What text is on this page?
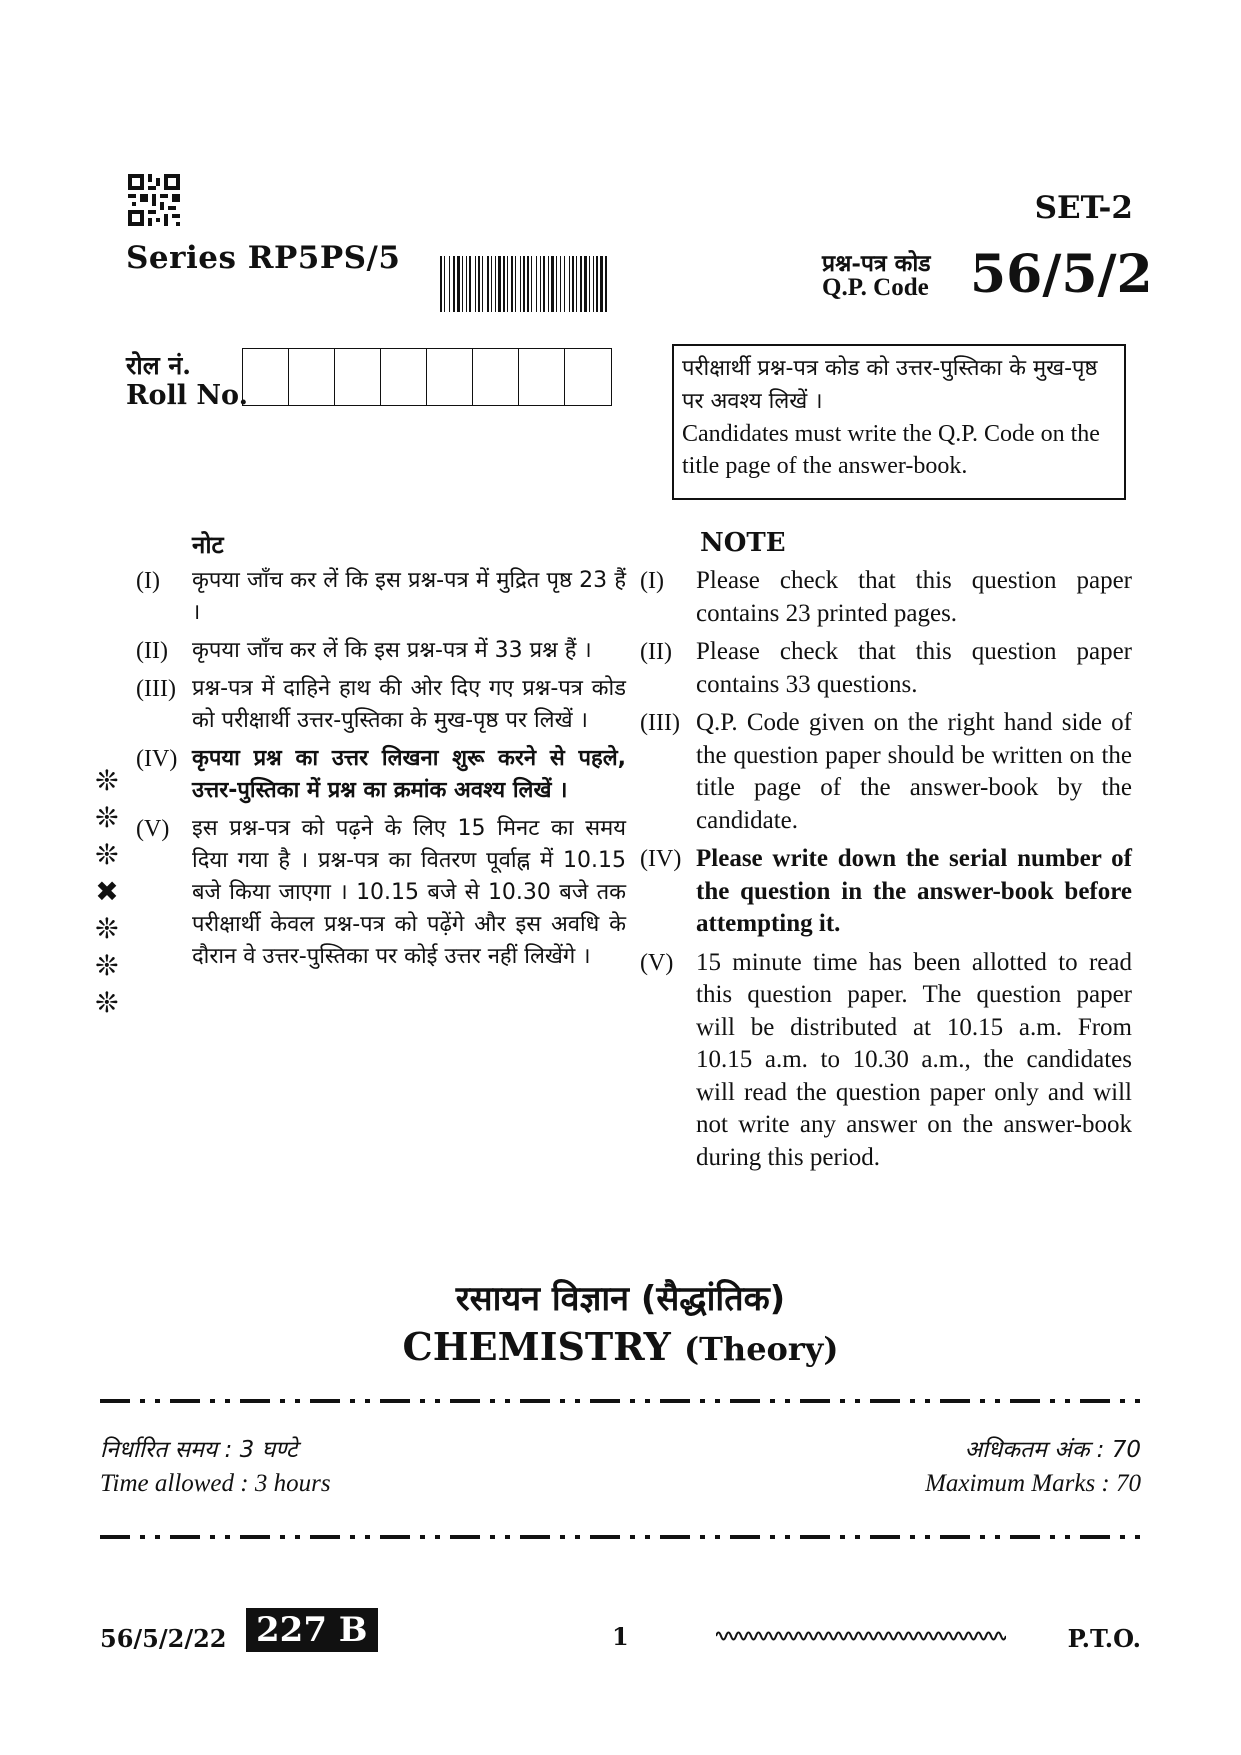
SET-2
Series RP5PS/5	प्रश्न-पत्र कोड
Q.P. Code 56/5/2
रोल नं.
Roll No.
परीक्षार्थी प्रश्न-पत्र कोड को उत्तर-पुस्तिका के मुख-पृष्ठ पर अवश्य लिखें ।
Candidates must write the Q.P. Code on the title page of the answer-book.
नोट	NOTE
(I)	कृपया जाँच कर लें कि इस प्रश्न-पत्र में मुद्रित पृष्ठ 23 हैं ।
(II)	कृपया जाँच कर लें कि इस प्रश्न-पत्र में 33 प्रश्न हैं ।
(III) प्रश्न-पत्र में दाहिने हाथ की ओर दिए गए प्रश्न-पत्र कोड को परीक्षार्थी उत्तर-पुस्तिका के मुख-पृष्ठ पर लिखें ।
(IV) कृपया प्रश्न का उत्तर लिखना शुरू करने से पहले, उत्तर-पुस्तिका में प्रश्न का क्रमांक अवश्य लिखें ।
(V)	इस प्रश्न-पत्र को पढ़ने के लिए 15 मिनट का समय दिया गया है । प्रश्न-पत्र का वितरण पूर्वाह्न में 10.15 बजे किया जाएगा । 10.15 बजे से 10.30 बजे तक परीक्षार्थी केवल प्रश्न-पत्र को पढ़ेंगे और इस अवधि के दौरान वे उत्तर-पुस्तिका पर कोई उत्तर नहीं लिखेंगे ।
(I)	Please check that this question paper contains 23 printed pages.
(II) Please check that this question paper contains 33 questions.
(III) Q.P. Code given on the right hand side of the question paper should be written on the title page of the answer-book by the candidate.
(IV) Please write down the serial number of the question in the answer-book before attempting it.
(V) 15 minute time has been allotted to read this question paper. The question paper will be distributed at 10.15 a.m. From 10.15 a.m. to 10.30 a.m., the candidates will read the question paper only and will not write any answer on the answer-book during this period.
❊
❊
❊
✖
❊
❊
❊
रसायन विज्ञान (सैद्धांतिक)
CHEMISTRY (Theory)
निर्धारित समय : 3 घण्टे	अधिकतम अंक : 70
Time allowed : 3 hours	Maximum Marks : 70
56/5/2/22 227 B	1	P.T.O.
